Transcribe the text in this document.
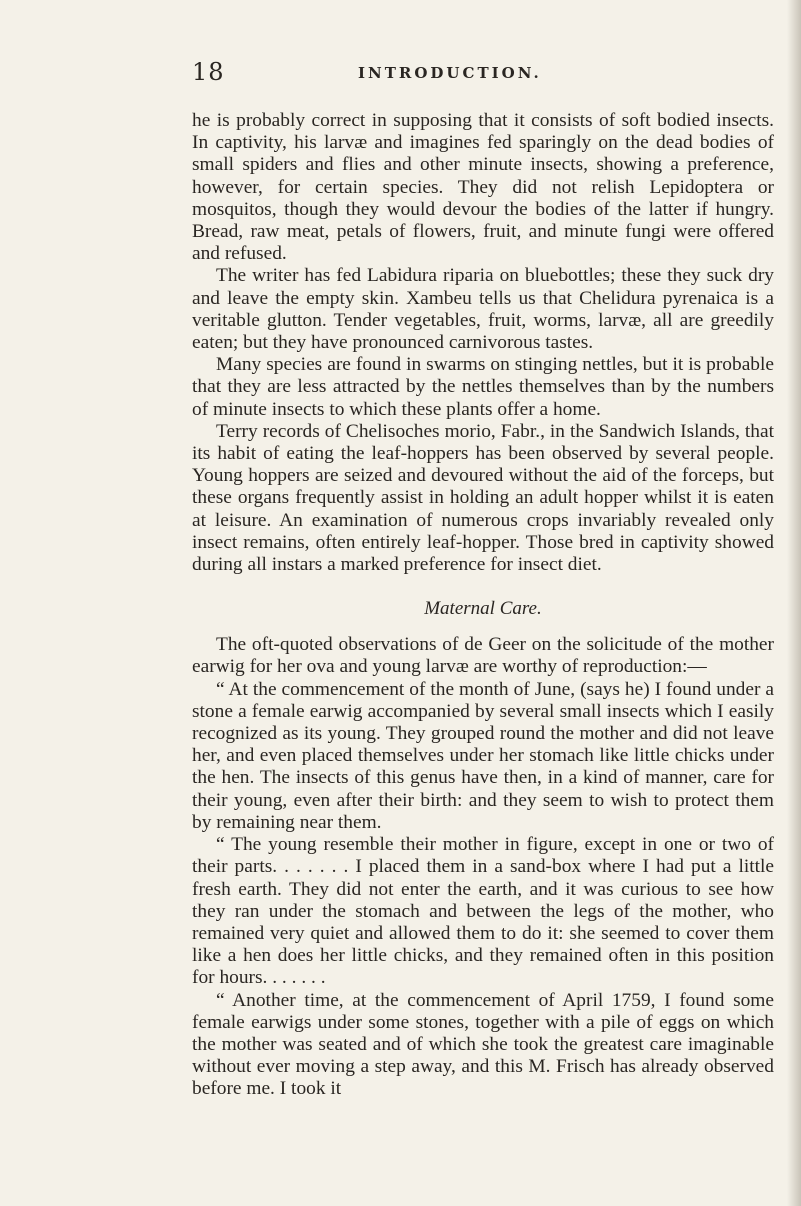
18	INTRODUCTION.

he is probably correct in supposing that it consists of soft bodied insects. In captivity, his larvæ and imagines fed sparingly on the dead bodies of small spiders and flies and other minute insects, showing a preference, however, for certain species. They did not relish Lepidoptera or mosquitos, though they would devour the bodies of the latter if hungry. Bread, raw meat, petals of flowers, fruit, and minute fungi were offered and refused.

The writer has fed Labidura riparia on bluebottles; these they suck dry and leave the empty skin. Xambeu tells us that Chelidura pyrenaica is a veritable glutton. Tender vegetables, fruit, worms, larvæ, all are greedily eaten; but they have pronounced carnivorous tastes.

Many species are found in swarms on stinging nettles, but it is probable that they are less attracted by the nettles themselves than by the numbers of minute insects to which these plants offer a home.

Terry records of Chelisoches morio, Fabr., in the Sandwich Islands, that its habit of eating the leaf-hoppers has been observed by several people. Young hoppers are seized and devoured without the aid of the forceps, but these organs frequently assist in holding an adult hopper whilst it is eaten at leisure. An examination of numerous crops invariably revealed only insect remains, often entirely leaf-hopper. Those bred in captivity showed during all instars a marked preference for insect diet.

Maternal Care.

The oft-quoted observations of de Geer on the solicitude of the mother earwig for her ova and young larvæ are worthy of reproduction:—

“ At the commencement of the month of June, (says he) I found under a stone a female earwig accompanied by several small insects which I easily recognized as its young. They grouped round the mother and did not leave her, and even placed themselves under her stomach like little chicks under the hen. The insects of this genus have then, in a kind of manner, care for their young, even after their birth: and they seem to wish to protect them by remaining near them.

“ The young resemble their mother in figure, except in one or two of their parts. . . . . . . I placed them in a sand-box where I had put a little fresh earth. They did not enter the earth, and it was curious to see how they ran under the stomach and between the legs of the mother, who remained very quiet and allowed them to do it: she seemed to cover them like a hen does her little chicks, and they remained often in this position for hours. . . . . . .

“ Another time, at the commencement of April 1759, I found some female earwigs under some stones, together with a pile of eggs on which the mother was seated and of which she took the greatest care imaginable without ever moving a step away, and this M. Frisch has already observed before me. I took it
